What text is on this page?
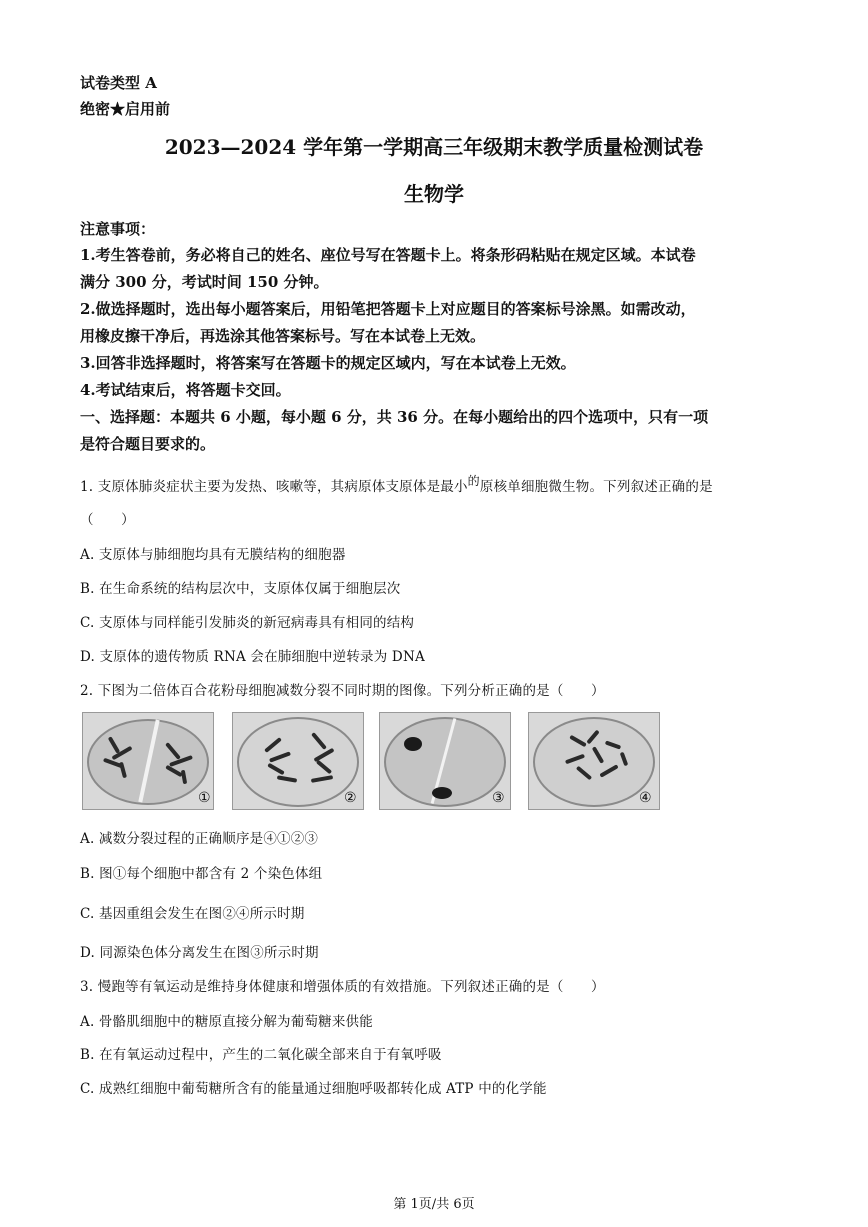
试卷类型 A
绝密★启用前
2023—2024 学年第一学期高三年级期末教学质量检测试卷
生物学
注意事项：
1.考生答卷前，务必将自己的姓名、座位号写在答题卡上。将条形码粘贴在规定区域。本试卷
满分 300 分，考试时间 150 分钟。
2.做选择题时，选出每小题答案后，用铅笔把答题卡上对应题目的答案标号涂黑。如需改动，
用橡皮擦干净后，再选涂其他答案标号。写在本试卷上无效。
3.回答非选择题时，将答案写在答题卡的规定区域内，写在本试卷上无效。
4.考试结束后，将答题卡交回。
一、选择题：本题共 6 小题，每小题 6 分，共 36 分。在每小题给出的四个选项中，只有一项
是符合题目要求的。
1. 支原体肺炎症状主要为发热、咳嗽等，其病原体支原体是最小的原核单细胞微生物。下列叙述正确的是
（　　）
A. 支原体与肺细胞均具有无膜结构的细胞器
B. 在生命系统的结构层次中，支原体仅属于细胞层次
C. 支原体与同样能引发肺炎的新冠病毒具有相同的结构
D. 支原体的遗传物质 RNA 会在肺细胞中逆转录为 DNA
2. 下图为二倍体百合花粉母细胞减数分裂不同时期的图像。下列分析正确的是（　　）
①	②	③	④
A. 减数分裂过程的正确顺序是④①②③
B. 图①每个细胞中都含有 2 个染色体组
C. 基因重组会发生在图②④所示时期
D. 同源染色体分离发生在图③所示时期
3. 慢跑等有氧运动是维持身体健康和增强体质的有效措施。下列叙述正确的是（　　）
A. 骨骼肌细胞中的糖原直接分解为葡萄糖来供能
B. 在有氧运动过程中，产生的二氧化碳全部来自于有氧呼吸
C. 成熟红细胞中葡萄糖所含有的能量通过细胞呼吸都转化成 ATP 中的化学能
第 1页/共 6页
